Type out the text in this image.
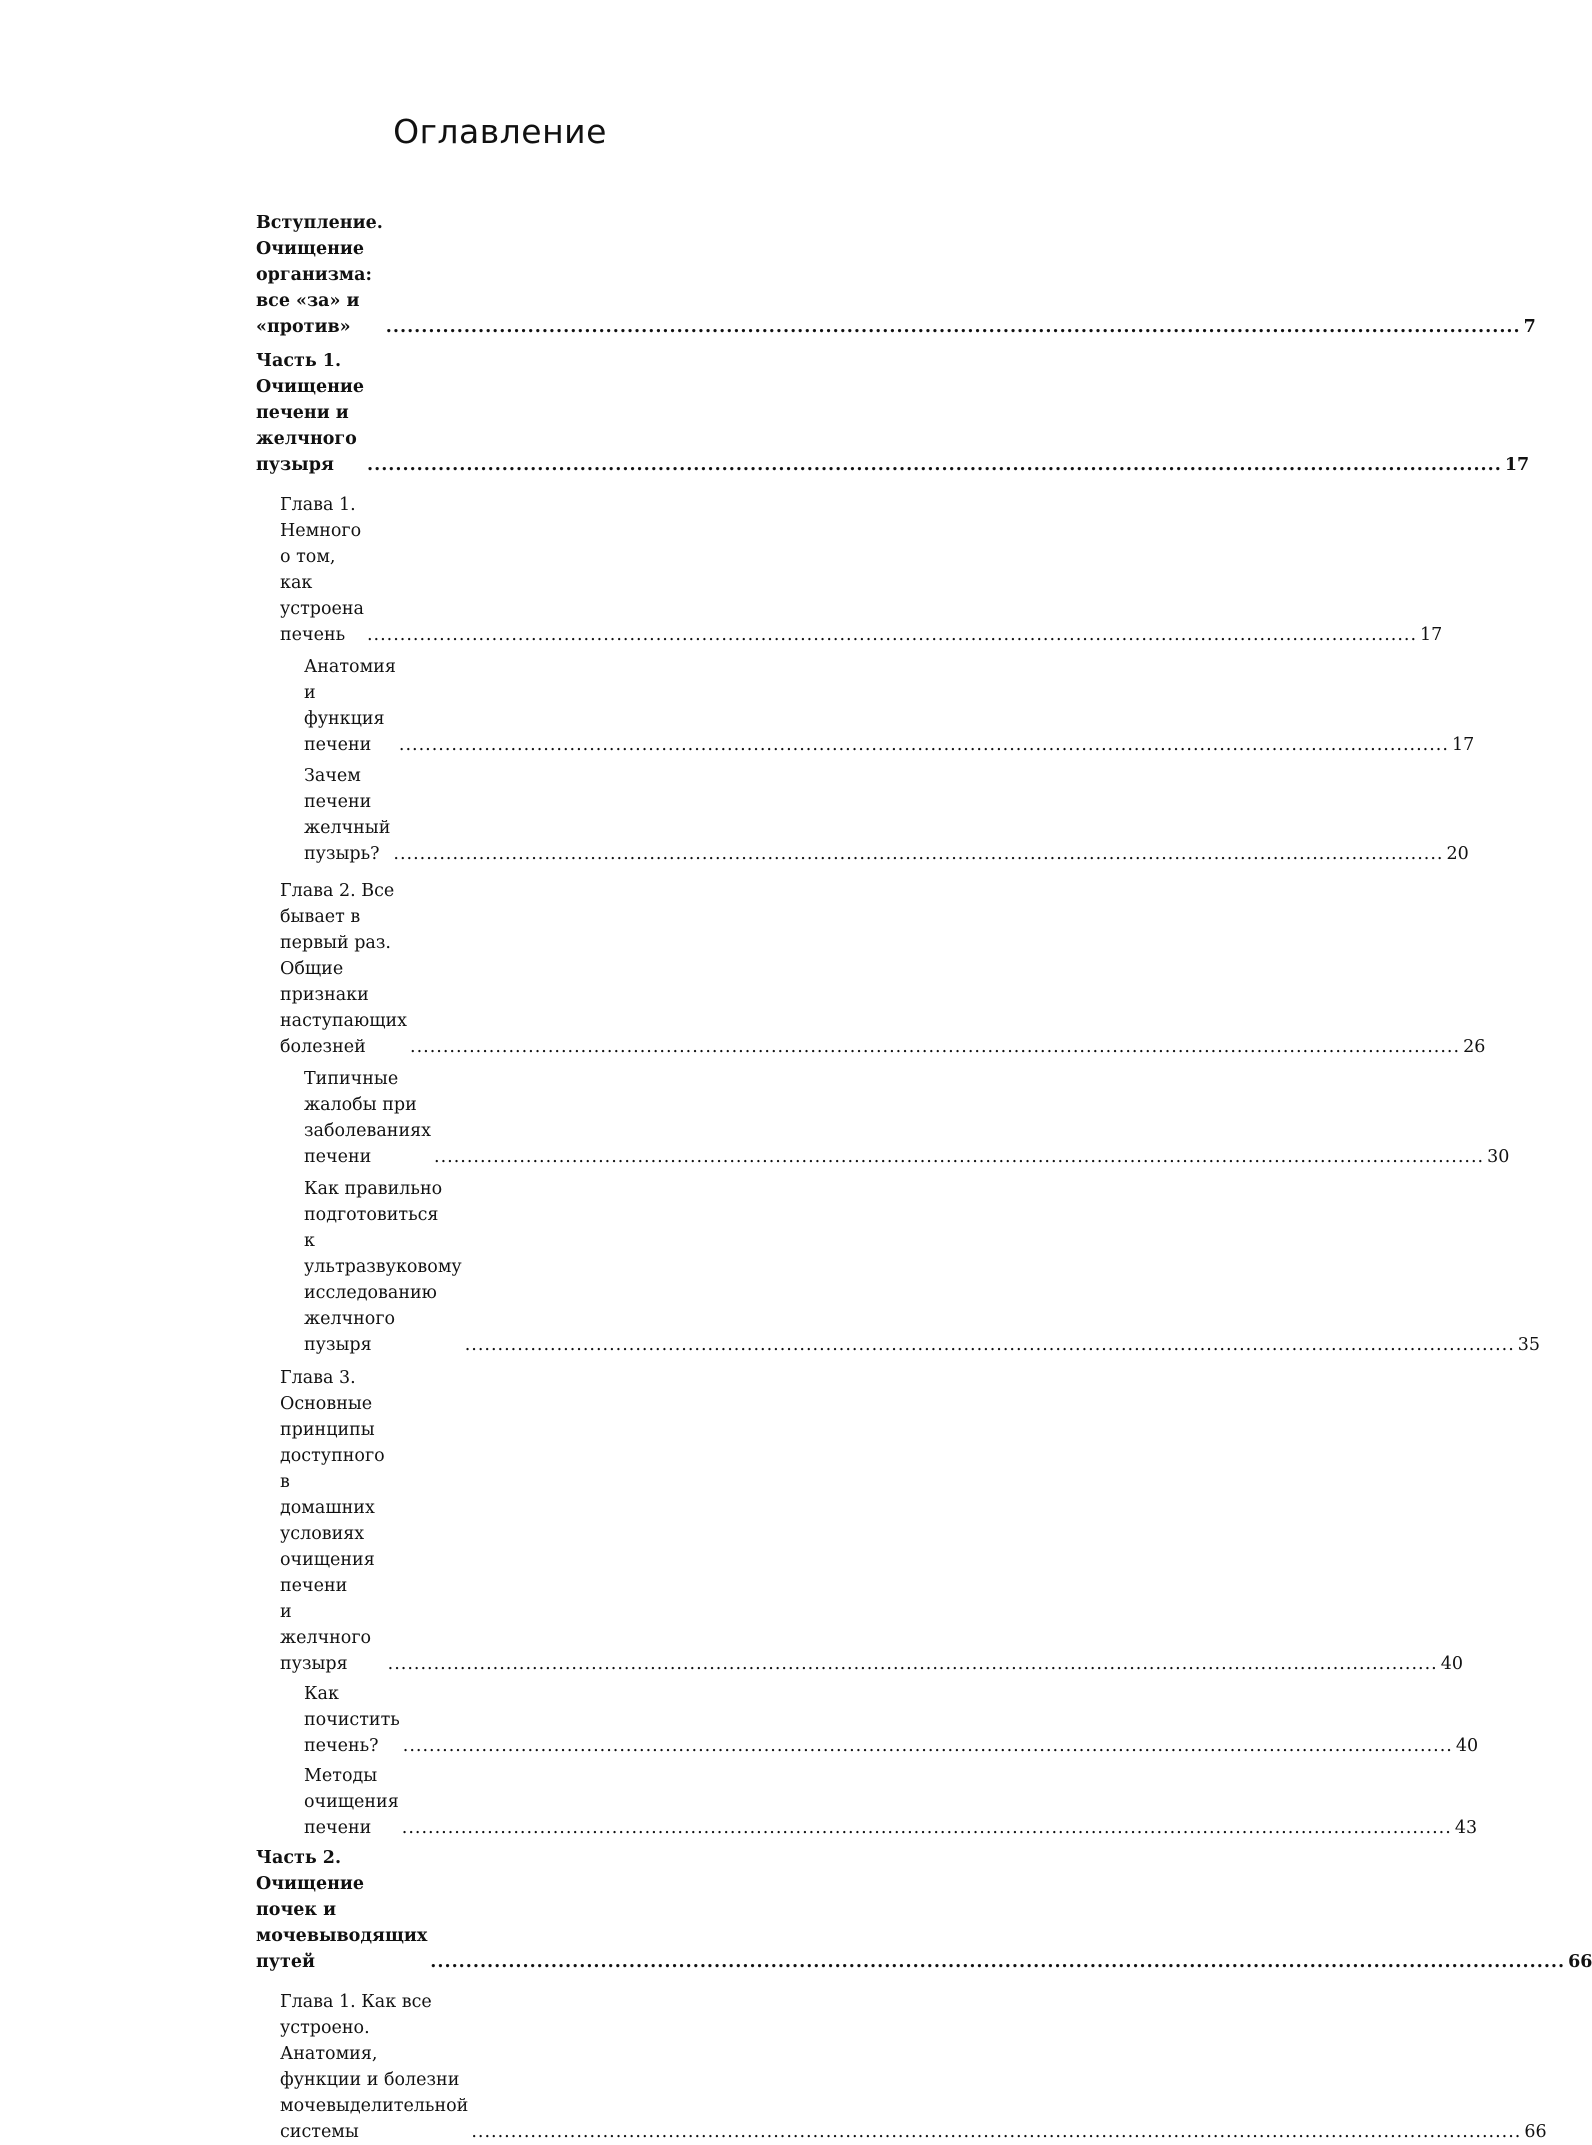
Оглавление
Вступление. Очищение организма:
все «за» и «против» .....	7
Часть 1. Очищение печени и желчного
пузыря .....	17
Глава 1. Немного о том, как устроена
печень .....	17
Анатомия и функция печени .....	17
Зачем печени желчный пузырь? .....	20
Глава 2. Все бывает в первый раз.
Общие признаки наступающих болезней .....	26
Типичные жалобы при заболеваниях
печени .....	30
Как правильно подготовиться
к ультразвуковому исследованию
желчного пузыря .....	35
Глава 3. Основные принципы доступного
в домашних условиях очищения печени
и желчного пузыря .....	40
Как почистить печень? .....	40
Методы очищения печени .....	43
Часть 2. Очищение почек и мочевыводящих
путей .....	66
Глава 1. Как все устроено. Анатомия,
функции и болезни мочевыделительной
системы .....	66
